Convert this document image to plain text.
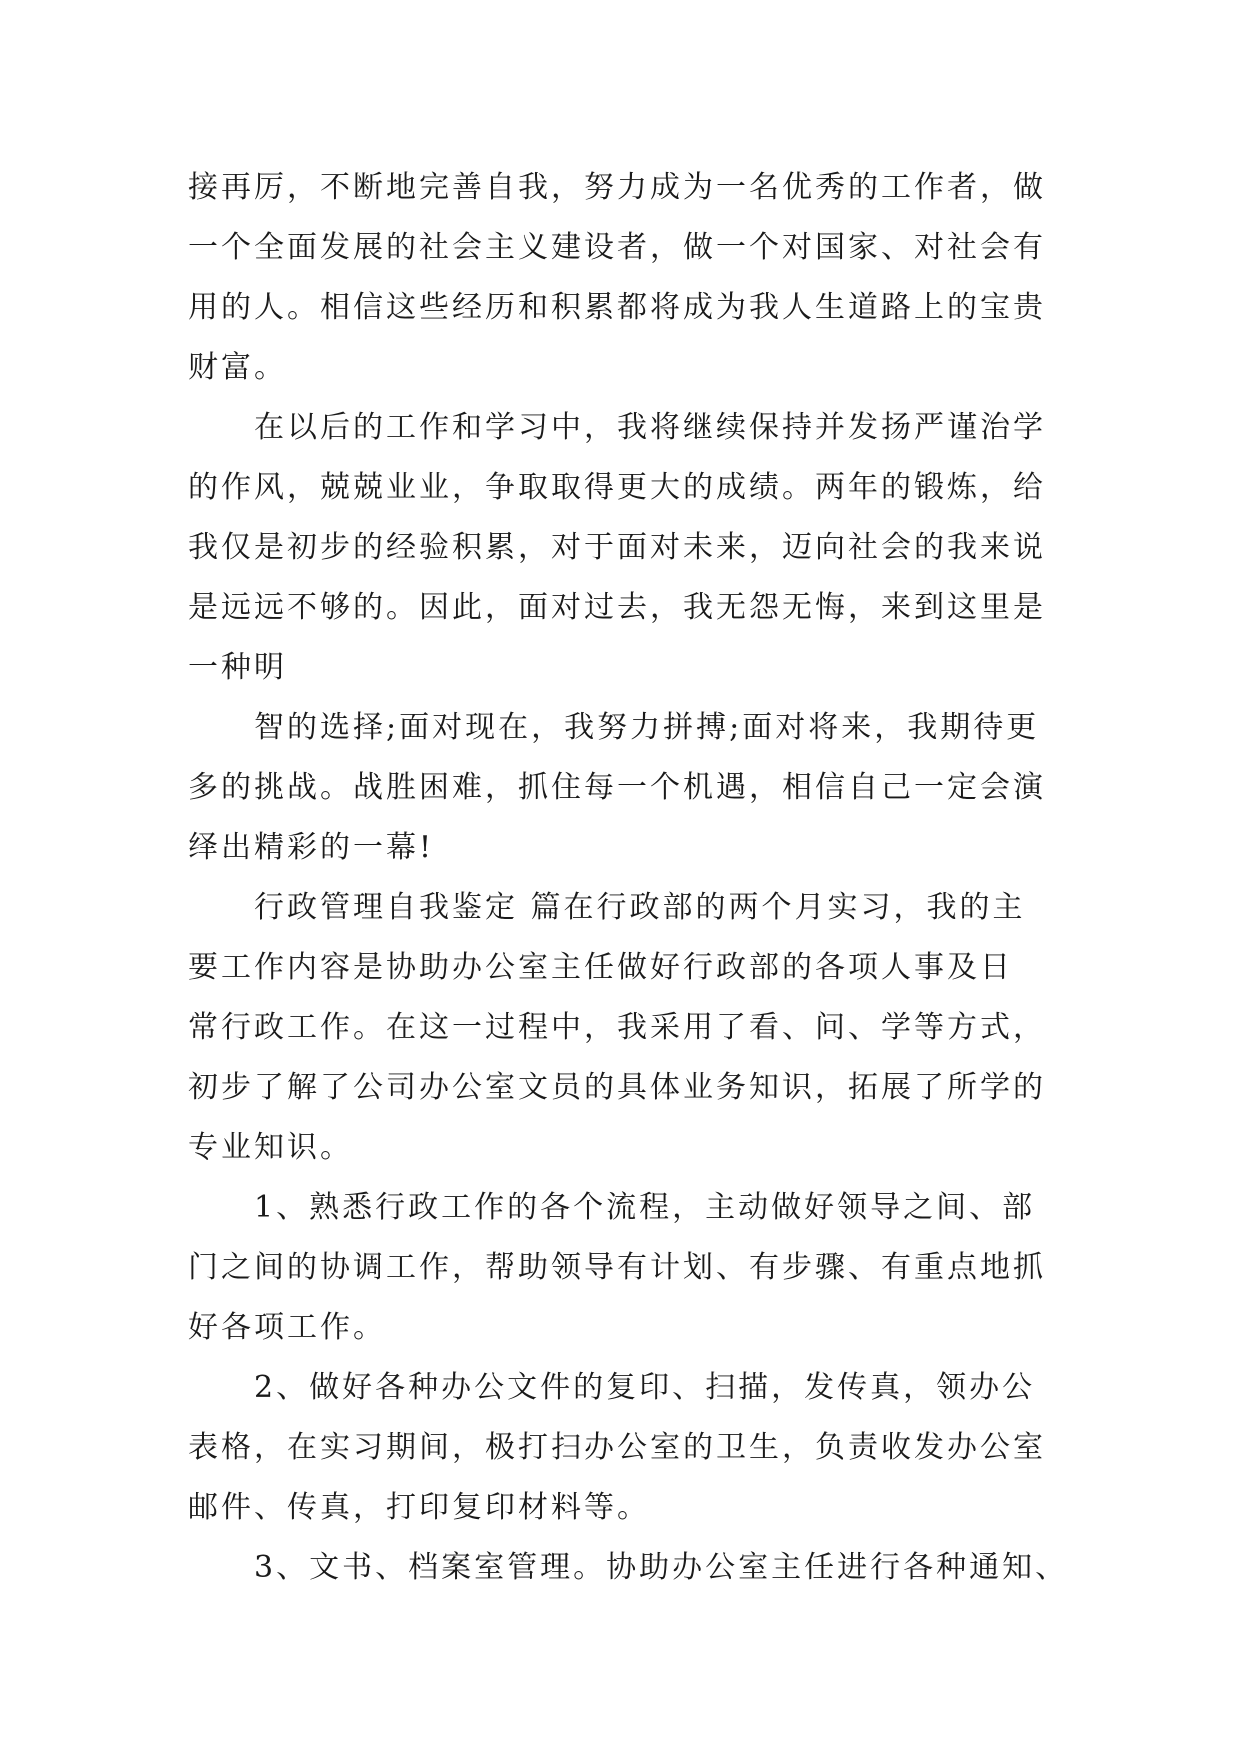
接再厉，不断地完善自我，努力成为一名优秀的工作者，做

一个全面发展的社会主义建设者，做一个对国家、对社会有

用的人。相信这些经历和积累都将成为我人生道路上的宝贵

财富。

在以后的工作和学习中，我将继续保持并发扬严谨治学

的作风，兢兢业业，争取取得更大的成绩。两年的锻炼，给

我仅是初步的经验积累，对于面对未来，迈向社会的我来说

是远远不够的。因此，面对过去，我无怨无悔，来到这里是

一种明

智的选择;面对现在，我努力拼搏;面对将来，我期待更

多的挑战。战胜困难，抓住每一个机遇，相信自己一定会演

绎出精彩的一幕!

行政管理自我鉴定 篇在行政部的两个月实习，我的主

要工作内容是协助办公室主任做好行政部的各项人事及日

常行政工作。在这一过程中，我采用了看、问、学等方式，

初步了解了公司办公室文员的具体业务知识，拓展了所学的

专业知识。

1、熟悉行政工作的各个流程，主动做好领导之间、部

门之间的协调工作，帮助领导有计划、有步骤、有重点地抓

好各项工作。

2、做好各种办公文件的复印、扫描，发传真，领办公

表格，在实习期间，极打扫办公室的卫生，负责收发办公室

邮件、传真，打印复印材料等。

3、文书、档案室管理。协助办公室主任进行各种通知、
